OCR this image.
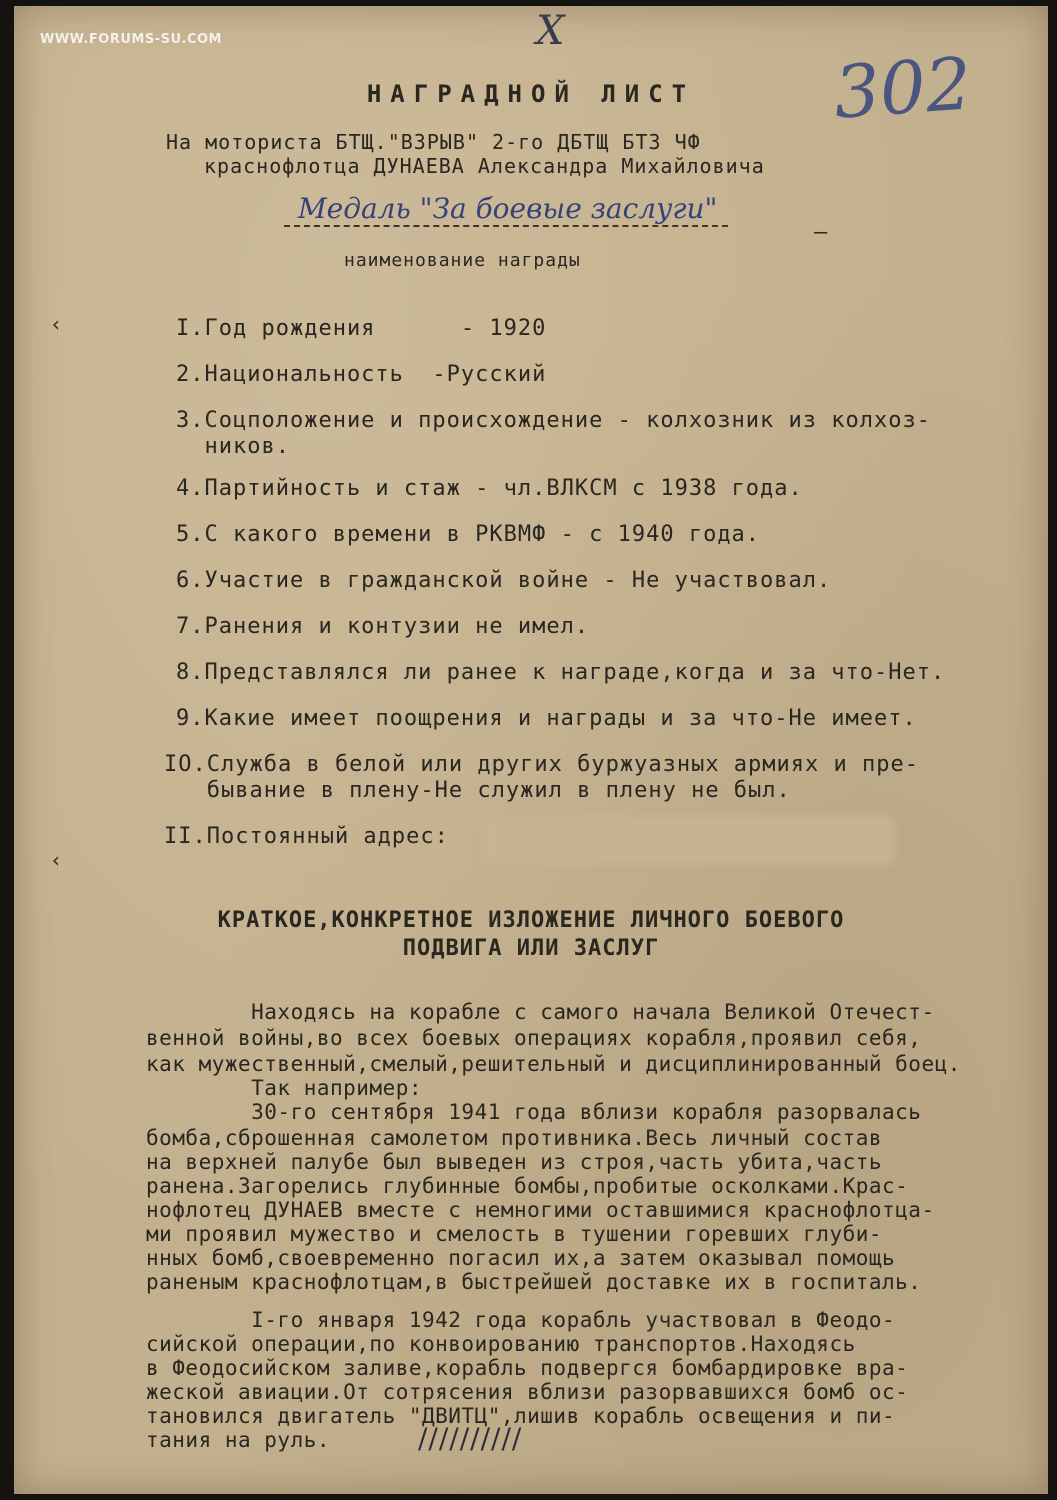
WWW.FORUMS-SU.COM	X
302
НАГРАДНОЙ ЛИСТ
На моториста БТЩ."ВЗРЫВ" 2-го ДБТЩ БТЗ ЧФ
краснофлотца ДУНАЕВА Александра Михайловича
Медаль "За боевые заслуги"
–
наименование награды
‹
‹
I.Год рождения      - 1920
2.Национальность  -Русский
3.Соцположение и происхождение - колхозник из колхоз-
ников.
4.Партийность и стаж - чл.ВЛКСМ с 1938 года.
5.С какого времени в РКВМФ - с 1940 года.
6.Участие в гражданской войне - Не участвовал.
7.Ранения и контузии не имел.
8.Представлялся ли ранее к награде,когда и за что-Нет.
9.Какие имеет поощрения и награды и за что-Не имеет.
IO.Служба в белой или других буржуазных армиях и пре-
бывание в плену-Не служил в плену не был.
II.Постоянный адрес:
КРАТКОЕ,КОНКРЕТНОЕ ИЗЛОЖЕНИЕ ЛИЧНОГО БОЕВОГО
ПОДВИГА ИЛИ ЗАСЛУГ
Находясь на корабле с самого начала Великой Отечест-
венной войны,во всех боевых операциях корабля,проявил себя,
как мужественный,смелый,решительный и дисциплинированный боец.
Так например:
30-го сентября 1941 года вблизи корабля разорвалась
бомба,сброшенная самолетом противника.Весь личный состав
на верхней палубе был выведен из строя,часть убита,часть
ранена.Загорелись глубинные бомбы,пробитые осколками.Крас-
нофлотец ДУНАЕВ вместе с немногими оставшимися краснофлотца-
ми проявил мужество и смелость в тушении горевших глуби-
нных бомб,своевременно погасил их,а затем оказывал помощь
раненым краснофлотцам,в быстрейшей доставке их в госпиталь.
I-го января 1942 года корабль участвовал в Феодо-
сийской операции,по конвоированию транспортов.Находясь
в Феодосийском заливе,корабль подвергся бомбардировке вра-
жеской авиации.От сотрясения вблизи разорвавшихся бомб ос-
тановился двигатель "ДВИТЦ",лишив корабль освещения и пи-
тания на руль.	//////////
